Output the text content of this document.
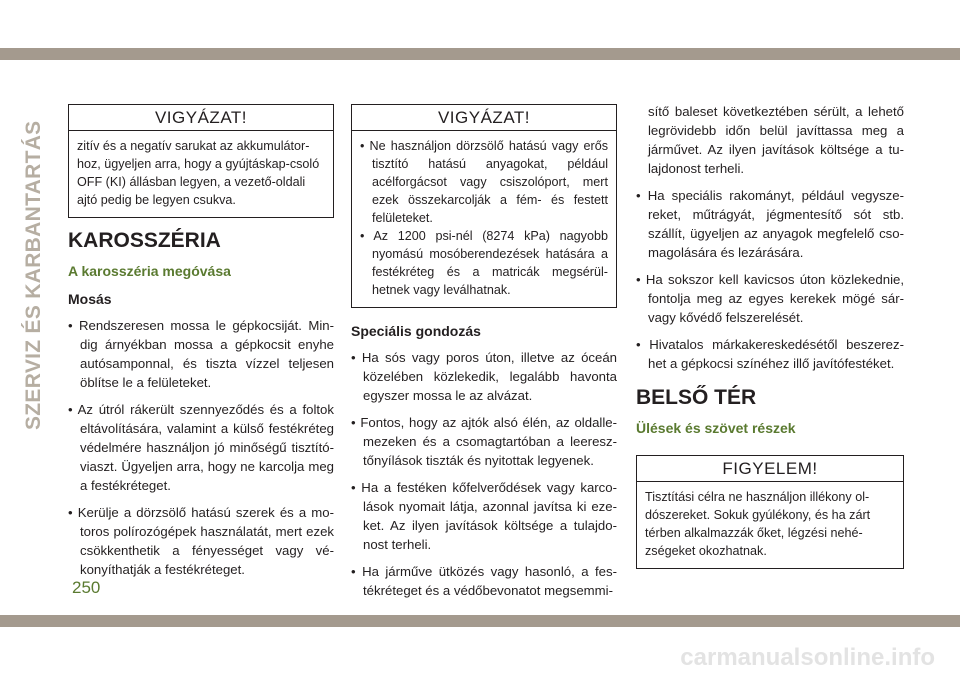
SZERVIZ ÉS KARBANTARTÁS
VIGYÁZAT!
zitív és a negatív sarukat az akkumulátor-hoz, ügyeljen arra, hogy a gyújtáskap-csoló OFF (KI) állásban legyen, a vezető-oldali ajtó pedig be legyen csukva.
KAROSSZÉRIA
A karosszéria megóvása
Mosás

• Rendszeresen mossa le gépkocsiját. Min-dig árnyékban mossa a gépkocsit enyhe autósamponnal, és tiszta vízzel teljesen öblítse le a felületeket.

• Az útról rákerült szennyeződés és a foltok eltávolítására, valamint a külső festékréteg védelmére használjon jó minőségű tisztító-viaszt. Ügyeljen arra, hogy ne karcolja meg a festékréteget.

• Kerülje a dörzsölő hatású szerek és a mo-toros polírozógépek használatát, mert ezek csökkenthetik a fényességet vagy vé-konyíthatják a festékréteget.

VIGYÁZAT!

• Ne használjon dörzsölő hatású vagy erős tisztító hatású anyagokat, például acélforgácsot vagy csiszolóport, mert ezek összekarcolják a fém- és festett felületeket.

• Az 1200 psi-nél (8274 kPa) nagyobb nyomású mosóberendezések hatására a festékréteg és a matricák megsérül-hetnek vagy leválhatnak.

Speciális gondozás

• Ha sós vagy poros úton, illetve az óceán közelében közlekedik, legalább havonta egyszer mossa le az alvázat.

• Fontos, hogy az ajtók alsó élén, az oldalle-mezeken és a csomagtartóban a leeresz-tőnyílások tiszták és nyitottak legyenek.

• Ha a festéken kőfelverődések vagy karco-lások nyomait látja, azonnal javítsa ki eze-ket. Az ilyen javítások költsége a tulajdo-nost terheli.

• Ha járműve ütközés vagy hasonló, a fes-tékréteget és a védőbevonatot megsemmi-

sítő baleset következtében sérült, a lehető legrövidebb időn belül javíttassa meg a járművet. Az ilyen javítások költsége a tu-lajdonost terheli.

• Ha speciális rakományt, például vegysze-reket, műtrágyát, jégmentesítő sót stb. szállít, ügyeljen az anyagok megfelelő cso-magolására és lezárására.

• Ha sokszor kell kavicsos úton közlekednie, fontolja meg az egyes kerekek mögé sár-vagy kővédő felszerelését.

• Hivatalos márkakereskedésétől beszerez-het a gépkocsi színéhez illő javítófestéket.

BELSŐ TÉR
Ülések és szövet részek
FIGYELEM!
Tisztítási célra ne használjon illékony ol-dószereket. Sokuk gyúlékony, és ha zárt térben alkalmazzák őket, légzési nehé-zségeket okozhatnak.
250
carmanualsonline.info
